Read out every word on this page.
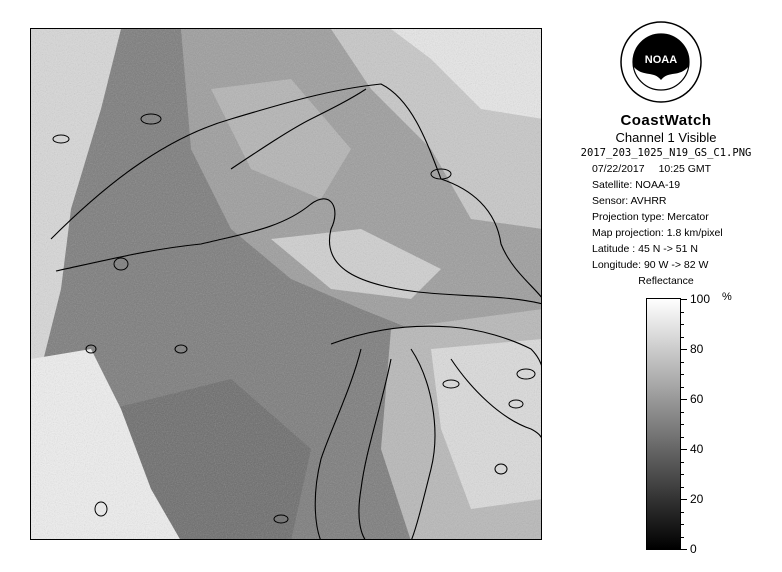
NOAA
CoastWatch
Channel 1 Visible
2017_203_1025_N19_GS_C1.PNG
07/22/2017 10:25 GMT
Satellite: NOAA-19
Sensor: AVHRR
Projection type: Mercator
Map projection: 1.8 km/pixel
Latitude : 45 N -> 51 N
Longitude: 90 W -> 82 W
Reflectance
%
100
80
60
40
20
0
